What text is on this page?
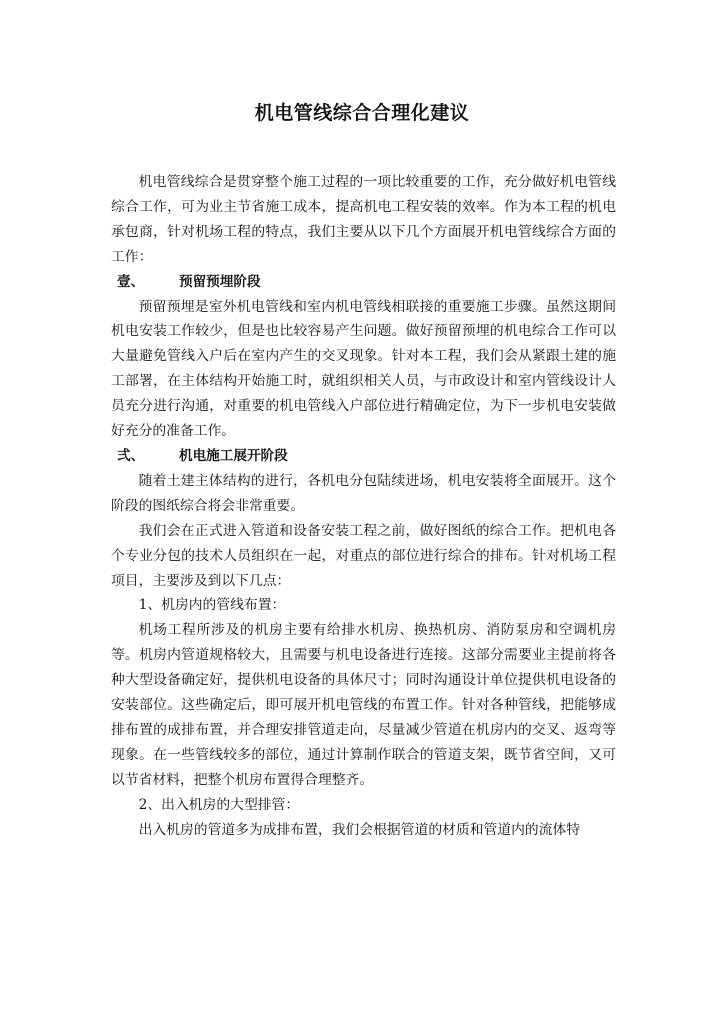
机电管线综合合理化建议

机电管线综合是贯穿整个施工过程的一项比较重要的工作，充分做好机电管线综合工作，可为业主节省施工成本，提高机电工程安装的效率。作为本工程的机电承包商，针对机场工程的特点，我们主要从以下几个方面展开机电管线综合方面的工作：

壹、	预留预埋阶段

预留预埋是室外机电管线和室内机电管线相联接的重要施工步骤。虽然这期间机电安装工作较少，但是也比较容易产生问题。做好预留预埋的机电综合工作可以大量避免管线入户后在室内产生的交叉现象。针对本工程，我们会从紧跟土建的施工部署，在主体结构开始施工时，就组织相关人员，与市政设计和室内管线设计人员充分进行沟通，对重要的机电管线入户部位进行精确定位，为下一步机电安装做好充分的准备工作。

弍、	机电施工展开阶段

随着土建主体结构的进行，各机电分包陆续进场，机电安装将全面展开。这个阶段的图纸综合将会非常重要。

我们会在正式进入管道和设备安装工程之前，做好图纸的综合工作。把机电各个专业分包的技术人员组织在一起，对重点的部位进行综合的排布。针对机场工程项目，主要涉及到以下几点：

1、机房内的管线布置：

机场工程所涉及的机房主要有给排水机房、换热机房、消防泵房和空调机房等。机房内管道规格较大，且需要与机电设备进行连接。这部分需要业主提前将各种大型设备确定好，提供机电设备的具体尺寸；同时沟通设计单位提供机电设备的安装部位。这些确定后，即可展开机电管线的布置工作。针对各种管线，把能够成排布置的成排布置，并合理安排管道走向，尽量减少管道在机房内的交叉、返弯等现象。在一些管线较多的部位，通过计算制作联合的管道支架，既节省空间，又可以节省材料，把整个机房布置得合理整齐。

2、出入机房的大型排管：

出入机房的管道多为成排布置，我们会根据管道的材质和管道内的流体特
